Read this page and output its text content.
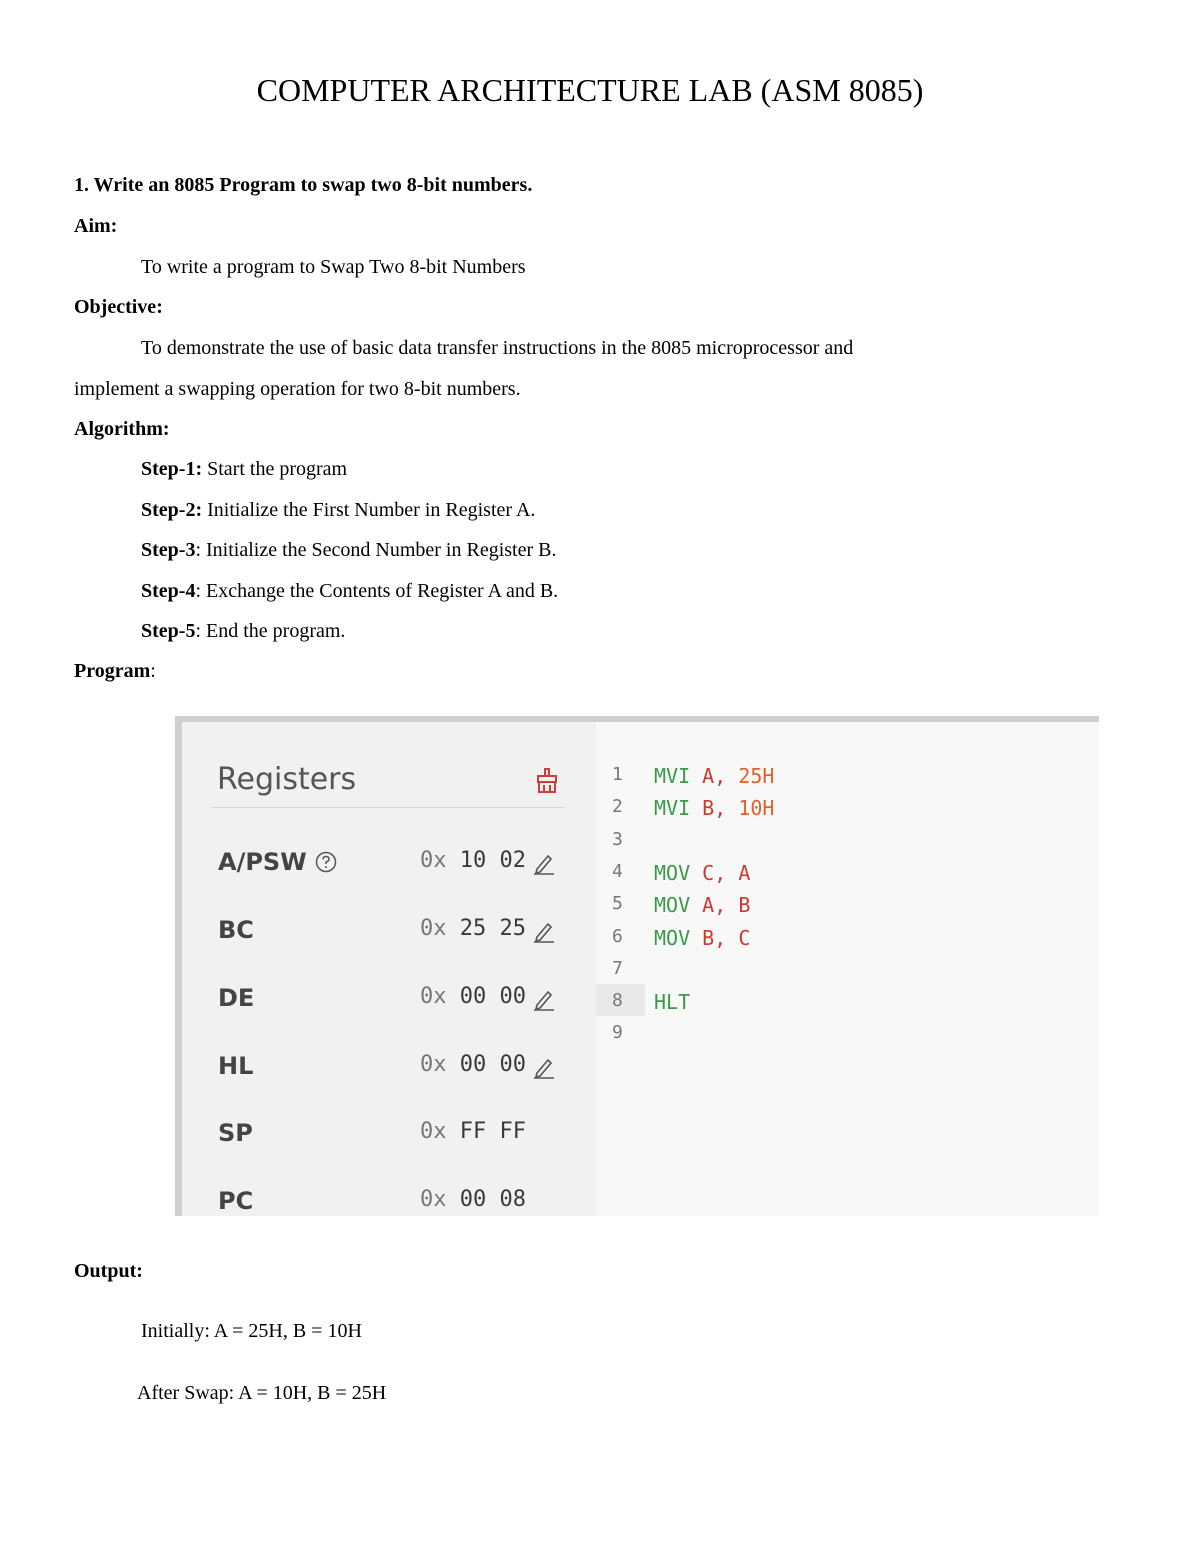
COMPUTER ARCHITECTURE LAB (ASM 8085)
1. Write an 8085 Program to swap two 8-bit numbers.
Aim:
To write a program to Swap Two 8-bit Numbers
Objective:
To demonstrate the use of basic data transfer instructions in the 8085 microprocessor and
implement a swapping operation for two 8-bit numbers.
Algorithm:
Step-1: Start the program
Step-2: Initialize the First Number in Register A.
Step-3: Initialize the Second Number in Register B.
Step-4: Exchange the Contents of Register A and B.
Step-5: End the program.
Program:
Registers
A/PSW	0x 10 02
BC	0x 25 25
DE	0x 00 00
HL	0x 00 00
SP	0x FF FF
PC	0x 00 08
1	MVI A, 25H
2	MVI B, 10H
3
4	MOV C, A
5	MOV A, B
6	MOV B, C
7
8	HLT
9
Output:
Initially: A = 25H, B = 10H
After Swap: A = 10H, B = 25H
